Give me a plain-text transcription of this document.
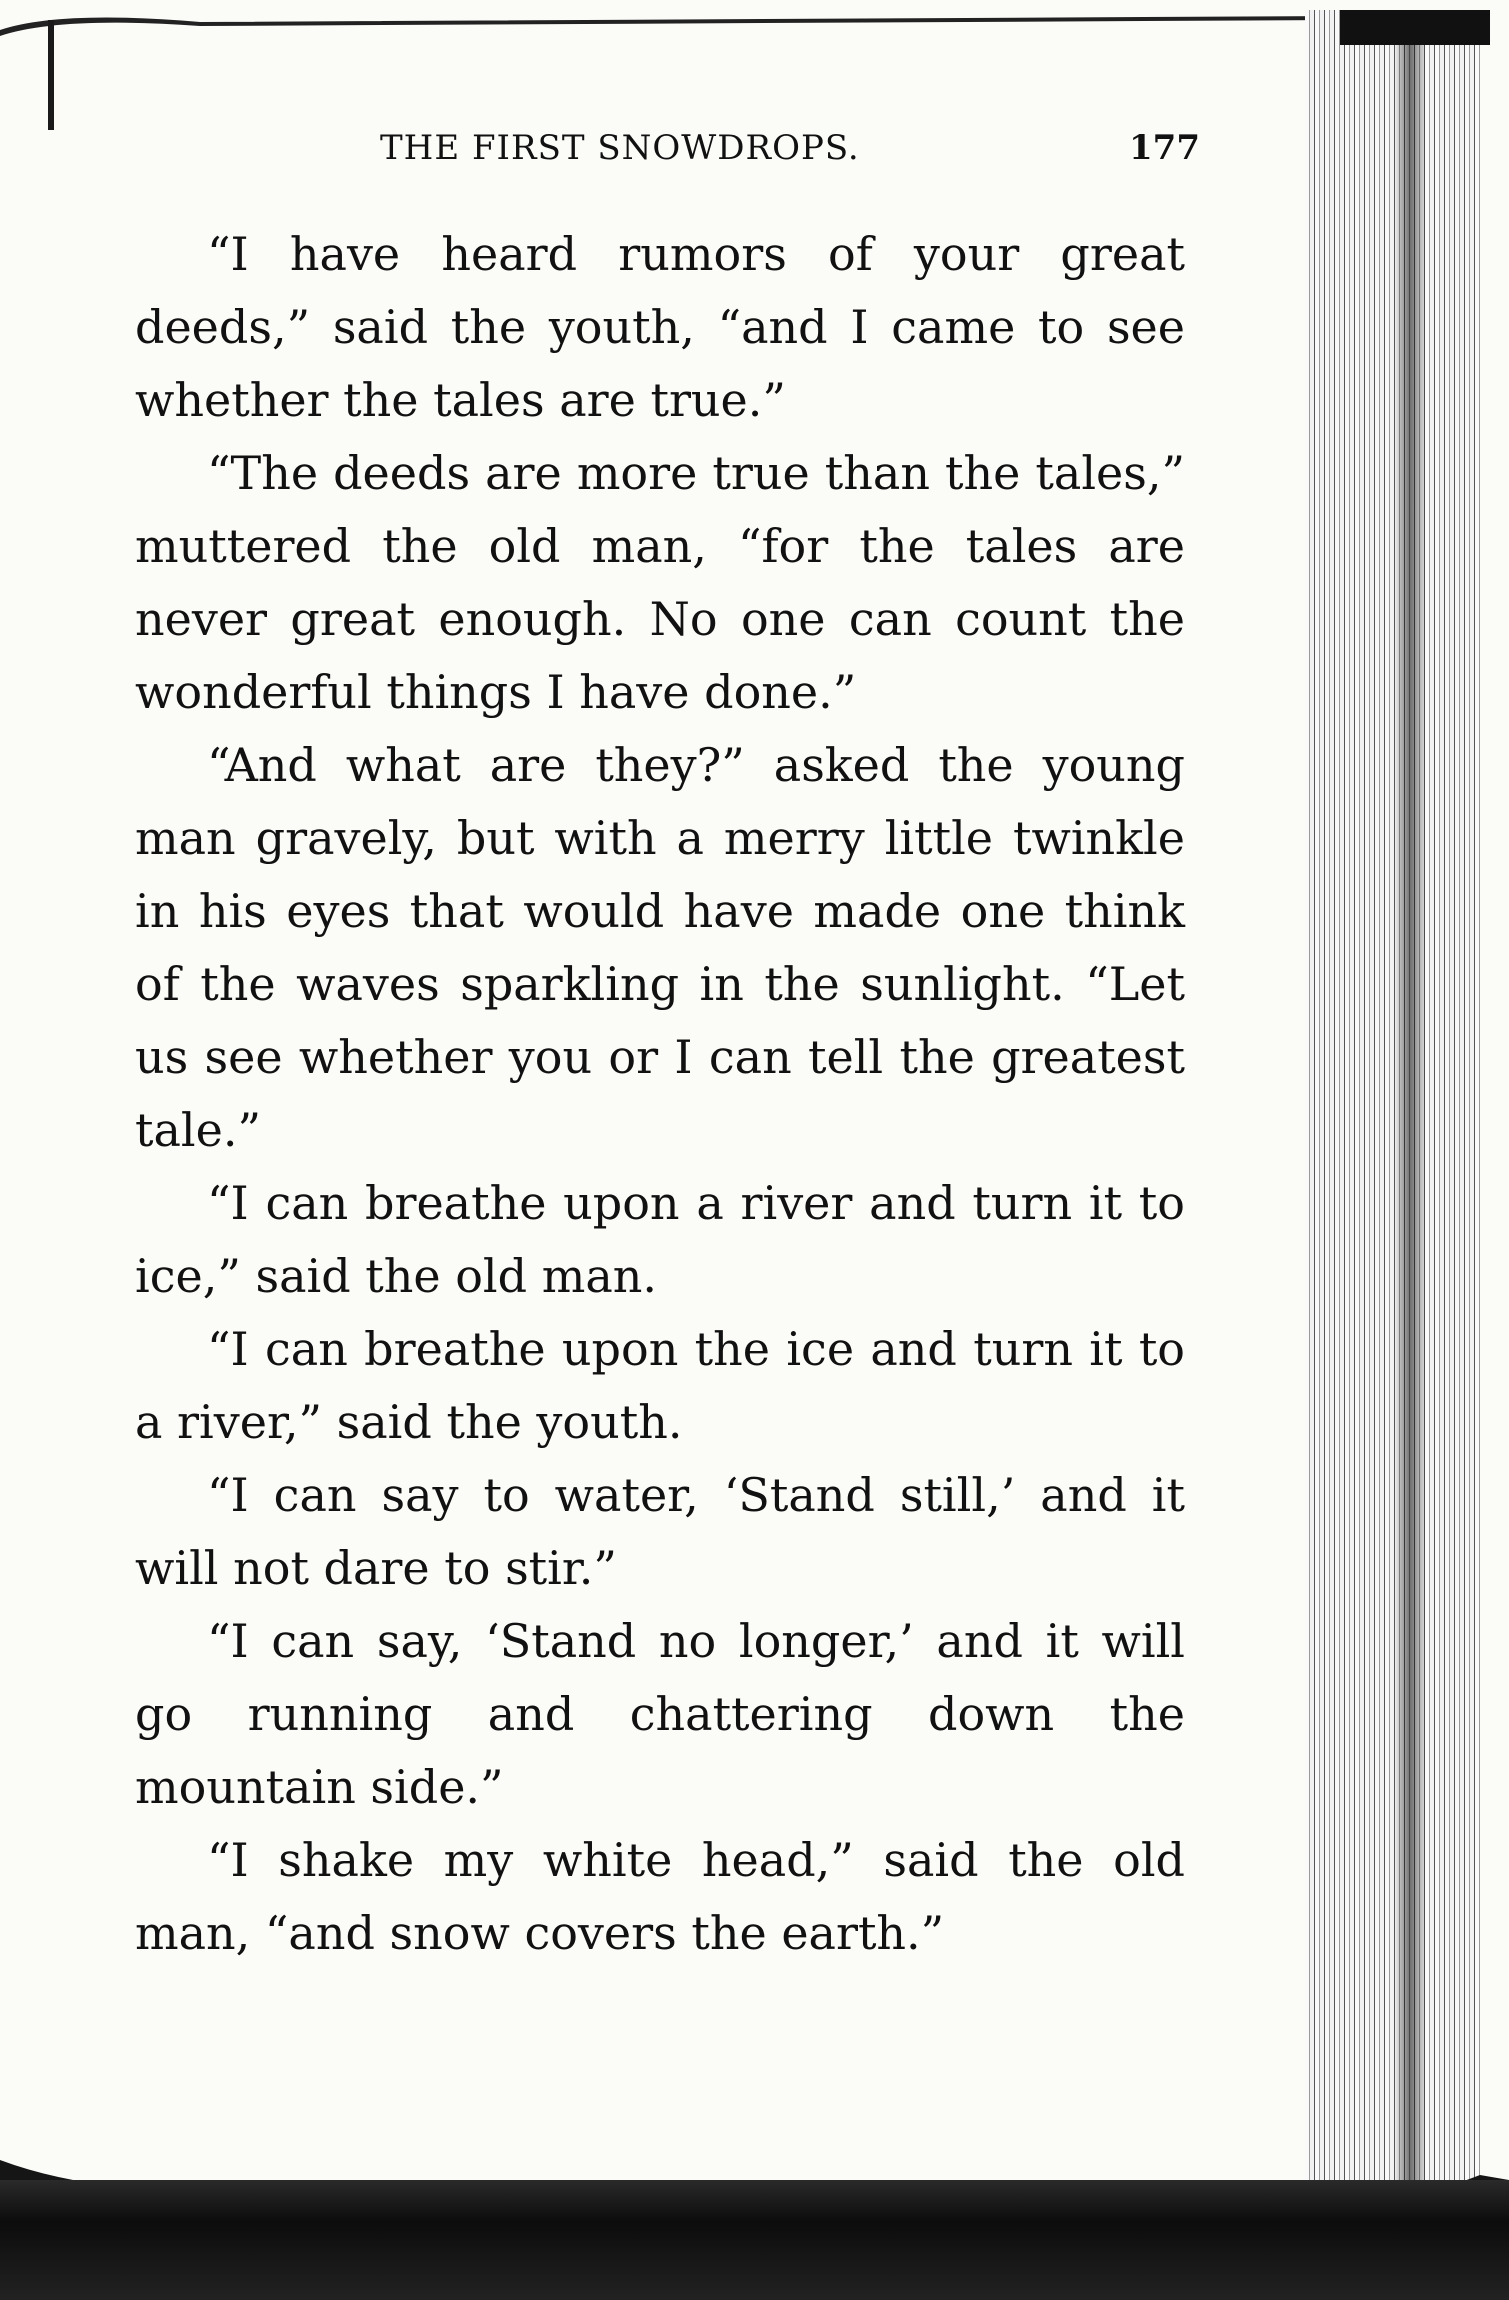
THE FIRST SNOWDROPS.	177

“I have heard rumors of your great deeds,” said the youth, “and I came to see whether the tales are true.”

“The deeds are more true than the tales,” muttered the old man, “for the tales are never great enough. No one can count the wonderful things I have done.”

“And what are they?” asked the young man gravely, but with a merry little twinkle in his eyes that would have made one think of the waves sparkling in the sunlight. “Let us see whether you or I can tell the greatest tale.”

“I can breathe upon a river and turn it to ice,” said the old man.

“I can breathe upon the ice and turn it to a river,” said the youth.

“I can say to water, ‘Stand still,’ and it will not dare to stir.”

“I can say, ‘Stand no longer,’ and it will go running and chattering down the mountain side.”

“I shake my white head,” said the old man, “and snow covers the earth.”
